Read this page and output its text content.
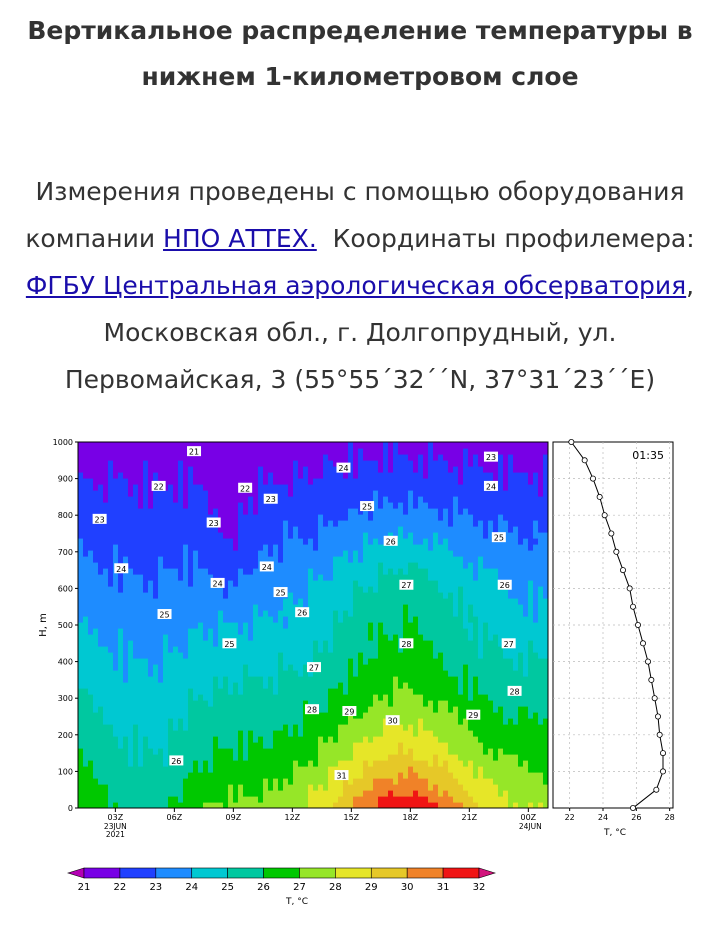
Вертикальное распределение температуры в
нижнем 1-километровом слое
Измерения проведены с помощью оборудования
компании НПО АТТЕХ.  Координаты профилемера:
ФГБУ Центральная аэрологическая обсерватория,
Московская обл., г. Долгопрудный, ул.
Первомайская, 3 (55°55´32´´N, 37°31´23´´E)
0
100
200
300
400
500
600
700
800
900
1000
H, m
03Z	06Z	09Z	12Z	15Z	18Z	21Z	00Z
23JUN
2021
24JUN
21
22	22
23
23	23
23
24
24
24
24
24
25
25
25
25
25
26
26
26
26
27
27
27
28
28
28	29	29
30
31
01:35
22	24	26	28
T, °C
21 22 23 24 25 26 27 28 29 30 31 32
T, °C
